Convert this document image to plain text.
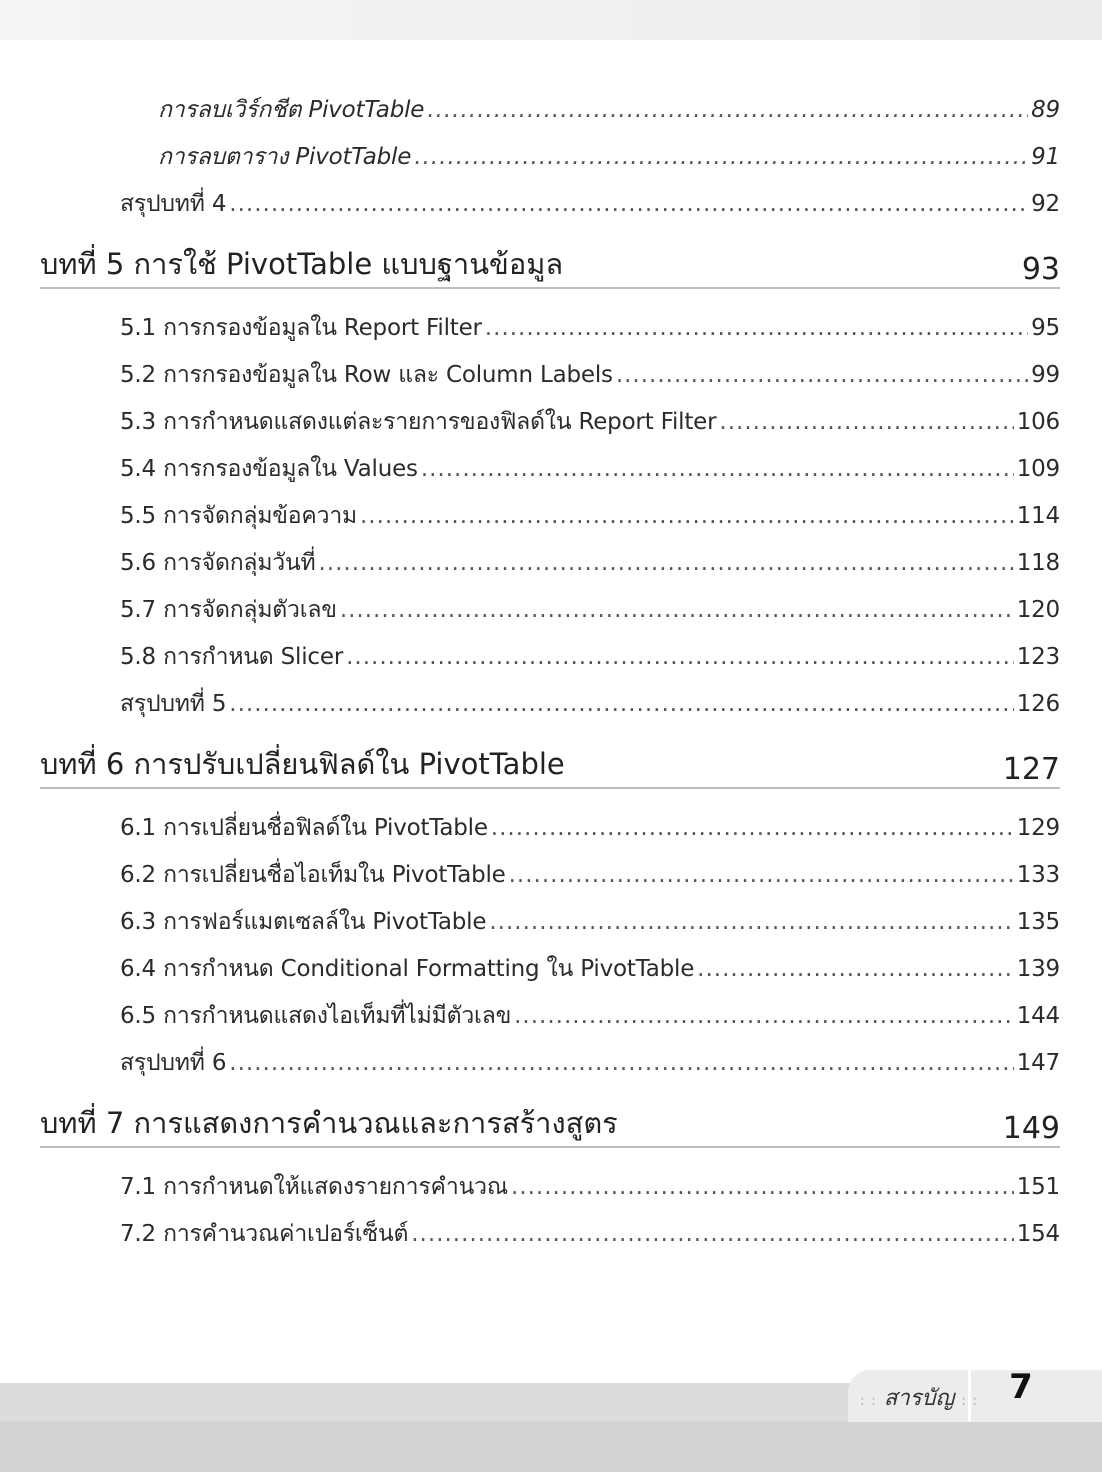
การลบเวิร์กชีต PivotTable .....	89
การลบตาราง PivotTable .....	91
สรุปบทที่ 4 .....	92
บทที่ 5 การใช้ PivotTable แบบฐานข้อมูล	93
5.1 การกรองข้อมูลใน Report Filter .....	95
5.2 การกรองข้อมูลใน Row และ Column Labels .....	99
5.3 การกำหนดแสดงแต่ละรายการของฟิลด์ใน Report Filter .....	106
5.4 การกรองข้อมูลใน Values .....	109
5.5 การจัดกลุ่มข้อความ .....	114
5.6 การจัดกลุ่มวันที่ .....	118
5.7 การจัดกลุ่มตัวเลข .....	120
5.8 การกำหนด Slicer .....	123
สรุปบทที่ 5 .....	126
บทที่ 6 การปรับเปลี่ยนฟิลด์ใน PivotTable	127
6.1 การเปลี่ยนชื่อฟิลด์ใน PivotTable .....	129
6.2 การเปลี่ยนชื่อไอเท็มใน PivotTable .....	133
6.3 การฟอร์แมตเซลล์ใน PivotTable .....	135
6.4 การกำหนด Conditional Formatting ใน PivotTable .....	139
6.5 การกำหนดแสดงไอเท็มที่ไม่มีตัวเลข .....	144
สรุปบทที่ 6 .....	147
บทที่ 7 การแสดงการคำนวณและการสร้างสูตร	149
7.1 การกำหนดให้แสดงรายการคำนวณ .....	151
7.2 การคำนวณค่าเปอร์เซ็นต์ .....	154
: : สารบัญ : : 7
